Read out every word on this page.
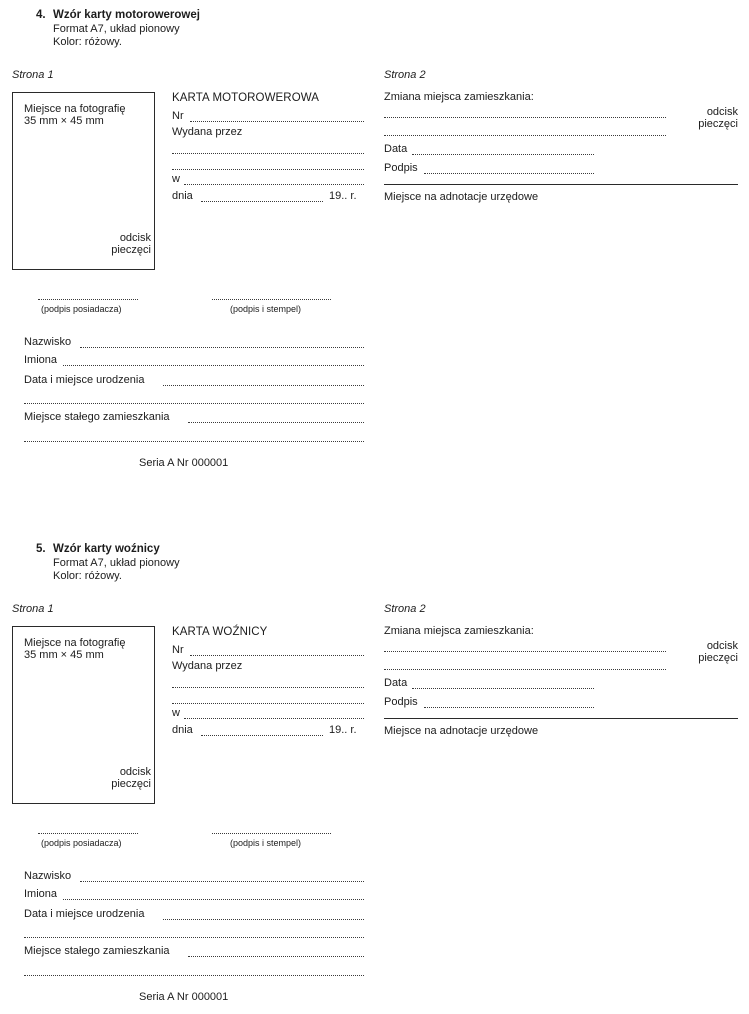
4. Wzór karty motorowerowej
Format A7, układ pionowy
Kolor: różowy.
Strona 1	Strona 2
Miejsce na fotografię 35 mm × 45 mm
odcisk
pieczęci
KARTA MOTOROWEROWA
Nr
Wydana przez
w
dnia	19.. r.
(podpis posiadacza)	(podpis i stempel)
Nazwisko
Imiona
Data i miejsce urodzenia
Miejsce stałego zamieszkania
Seria A Nr 000001
Zmiana miejsca zamieszkania:
odcisk
pieczęci
Data
Podpis
Miejsce na adnotacje urzędowe
5. Wzór karty woźnicy
Format A7, układ pionowy
Kolor: różowy.
Strona 1	Strona 2
Miejsce na fotografię 35 mm × 45 mm
odcisk
pieczęci
KARTA WOŹNICY
Nr
Wydana przez
w
dnia	19.. r.
(podpis posiadacza)	(podpis i stempel)
Nazwisko
Imiona
Data i miejsce urodzenia
Miejsce stałego zamieszkania
Seria A Nr 000001
Zmiana miejsca zamieszkania:
odcisk
pieczęci
Data
Podpis
Miejsce na adnotacje urzędowe
